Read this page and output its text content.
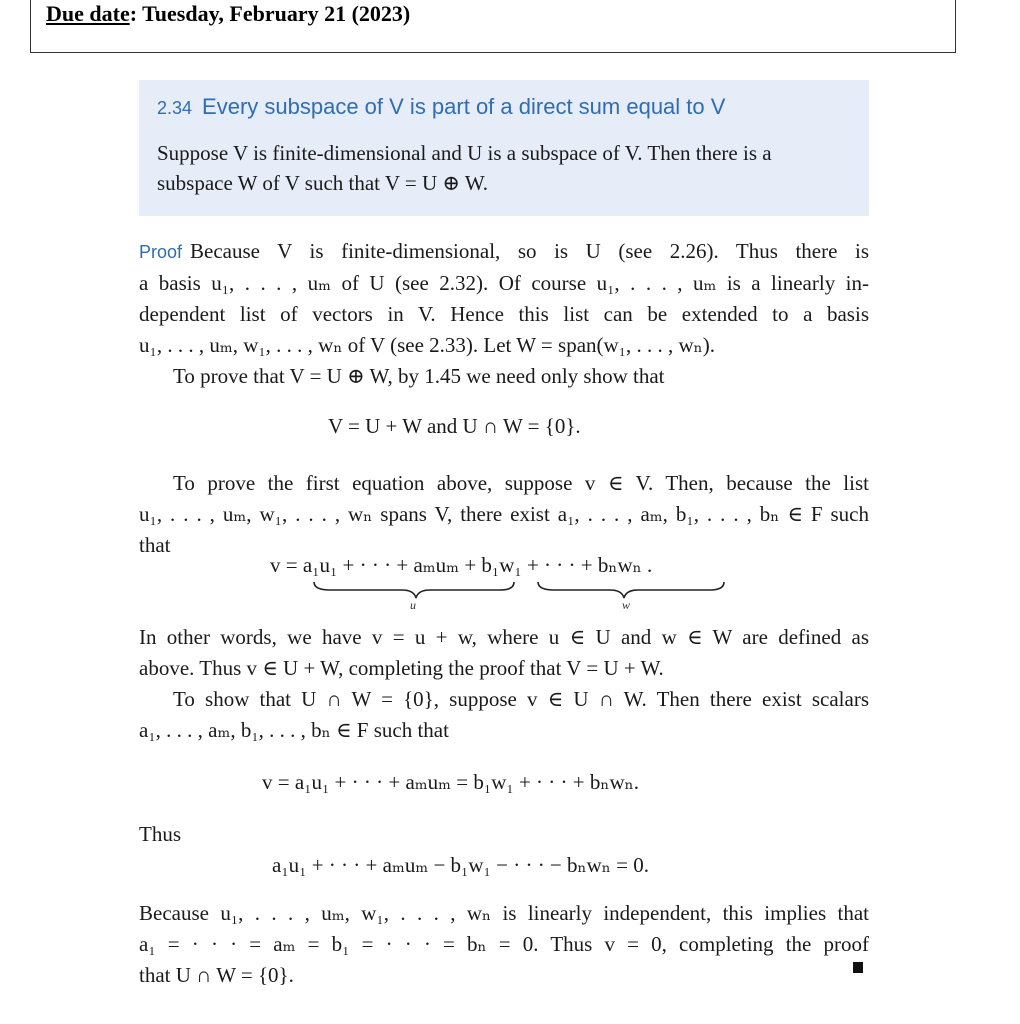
Due date: Tuesday, February 21 (2023)
2.34 Every subspace of V is part of a direct sum equal to V
Suppose V is finite-dimensional and U is a subspace of V. Then there is a
subspace W of V such that V = U ⊕ W.
Proof Because V is finite-dimensional, so is U (see 2.26). Thus there is
a basis u₁, . . . , uₘ of U (see 2.32). Of course u₁, . . . , uₘ is a linearly in-
dependent list of vectors in V. Hence this list can be extended to a basis
u₁, . . . , uₘ, w₁, . . . , wₙ of V (see 2.33). Let W = span(w₁, . . . , wₙ).
To prove that V = U ⊕ W, by 1.45 we need only show that
V = U + W and U ∩ W = {0}.
To prove the first equation above, suppose v ∈ V. Then, because the list
u₁, . . . , uₘ, w₁, . . . , wₙ spans V, there exist a₁, . . . , aₘ, b₁, . . . , bₙ ∈ F such
that
v = a₁u₁ + · · · + aₘuₘ + b₁w₁ + · · · + bₙwₙ .
u	w
In other words, we have v = u + w, where u ∈ U and w ∈ W are defined as
above. Thus v ∈ U + W, completing the proof that V = U + W.
To show that U ∩ W = {0}, suppose v ∈ U ∩ W. Then there exist scalars
a₁, . . . , aₘ, b₁, . . . , bₙ ∈ F such that
v = a₁u₁ + · · · + aₘuₘ = b₁w₁ + · · · + bₙwₙ.
Thus
a₁u₁ + · · · + aₘuₘ − b₁w₁ − · · · − bₙwₙ = 0.
Because u₁, . . . , uₘ, w₁, . . . , wₙ is linearly independent, this implies that
a₁ = · · · = aₘ = b₁ = · · · = bₙ = 0. Thus v = 0, completing the proof
that U ∩ W = {0}.
